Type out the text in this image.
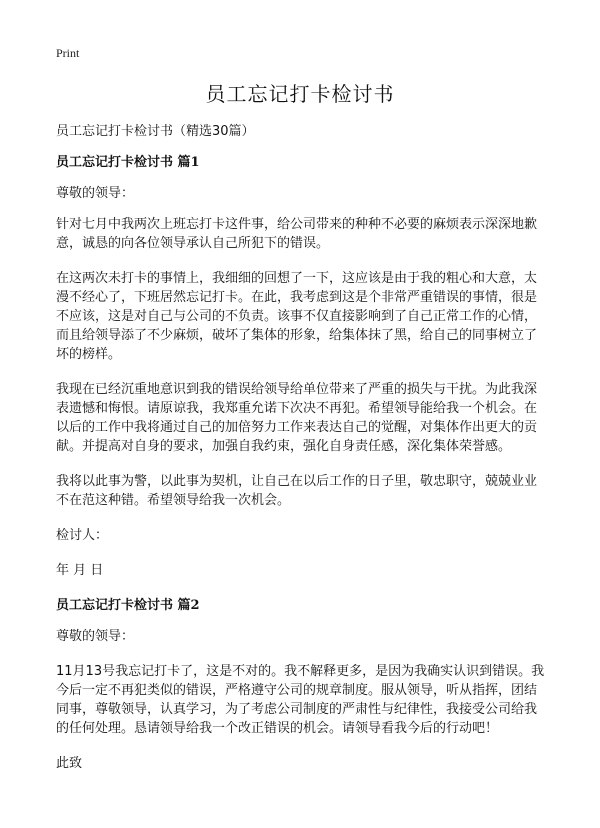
Print
员工忘记打卡检讨书

员工忘记打卡检讨书（精选30篇）

员工忘记打卡检讨书 篇1

尊敬的领导：

针对七月中我两次上班忘打卡这件事，给公司带来的种种不必要的麻烦表示深深地歉意，诚恳的向各位领导承认自己所犯下的错误。

在这两次未打卡的事情上，我细细的回想了一下，这应该是由于我的粗心和大意，太漫不经心了，下班居然忘记打卡。在此，我考虑到这是个非常严重错误的事情，很是不应该，这是对自己与公司的不负责。该事不仅直接影响到了自己正常工作的心情，而且给领导添了不少麻烦，破坏了集体的形象，给集体抹了黑，给自己的同事树立了坏的榜样。

我现在已经沉重地意识到我的错误给领导给单位带来了严重的损失与干扰。为此我深表遗憾和悔恨。请原谅我，我郑重允诺下次决不再犯。希望领导能给我一个机会。在以后的工作中我将通过自己的加倍努力工作来表达自己的觉醒，对集体作出更大的贡献。并提高对自身的要求，加强自我约束，强化自身责任感，深化集体荣誉感。

我将以此事为警，以此事为契机，让自己在以后工作的日子里，敬忠职守，兢兢业业不在范这种错。希望领导给我一次机会。

检讨人：

年 月 日

员工忘记打卡检讨书 篇2

尊敬的领导：

11月13号我忘记打卡了，这是不对的。我不解释更多，是因为我确实认识到错误。我今后一定不再犯类似的错误，严格遵守公司的规章制度。服从领导，听从指挥，团结同事，尊敬领导，认真学习，为了考虑公司制度的严肃性与纪律性，我接受公司给我的任何处理。恳请领导给我一个改正错误的机会。请领导看我今后的行动吧！

此致
